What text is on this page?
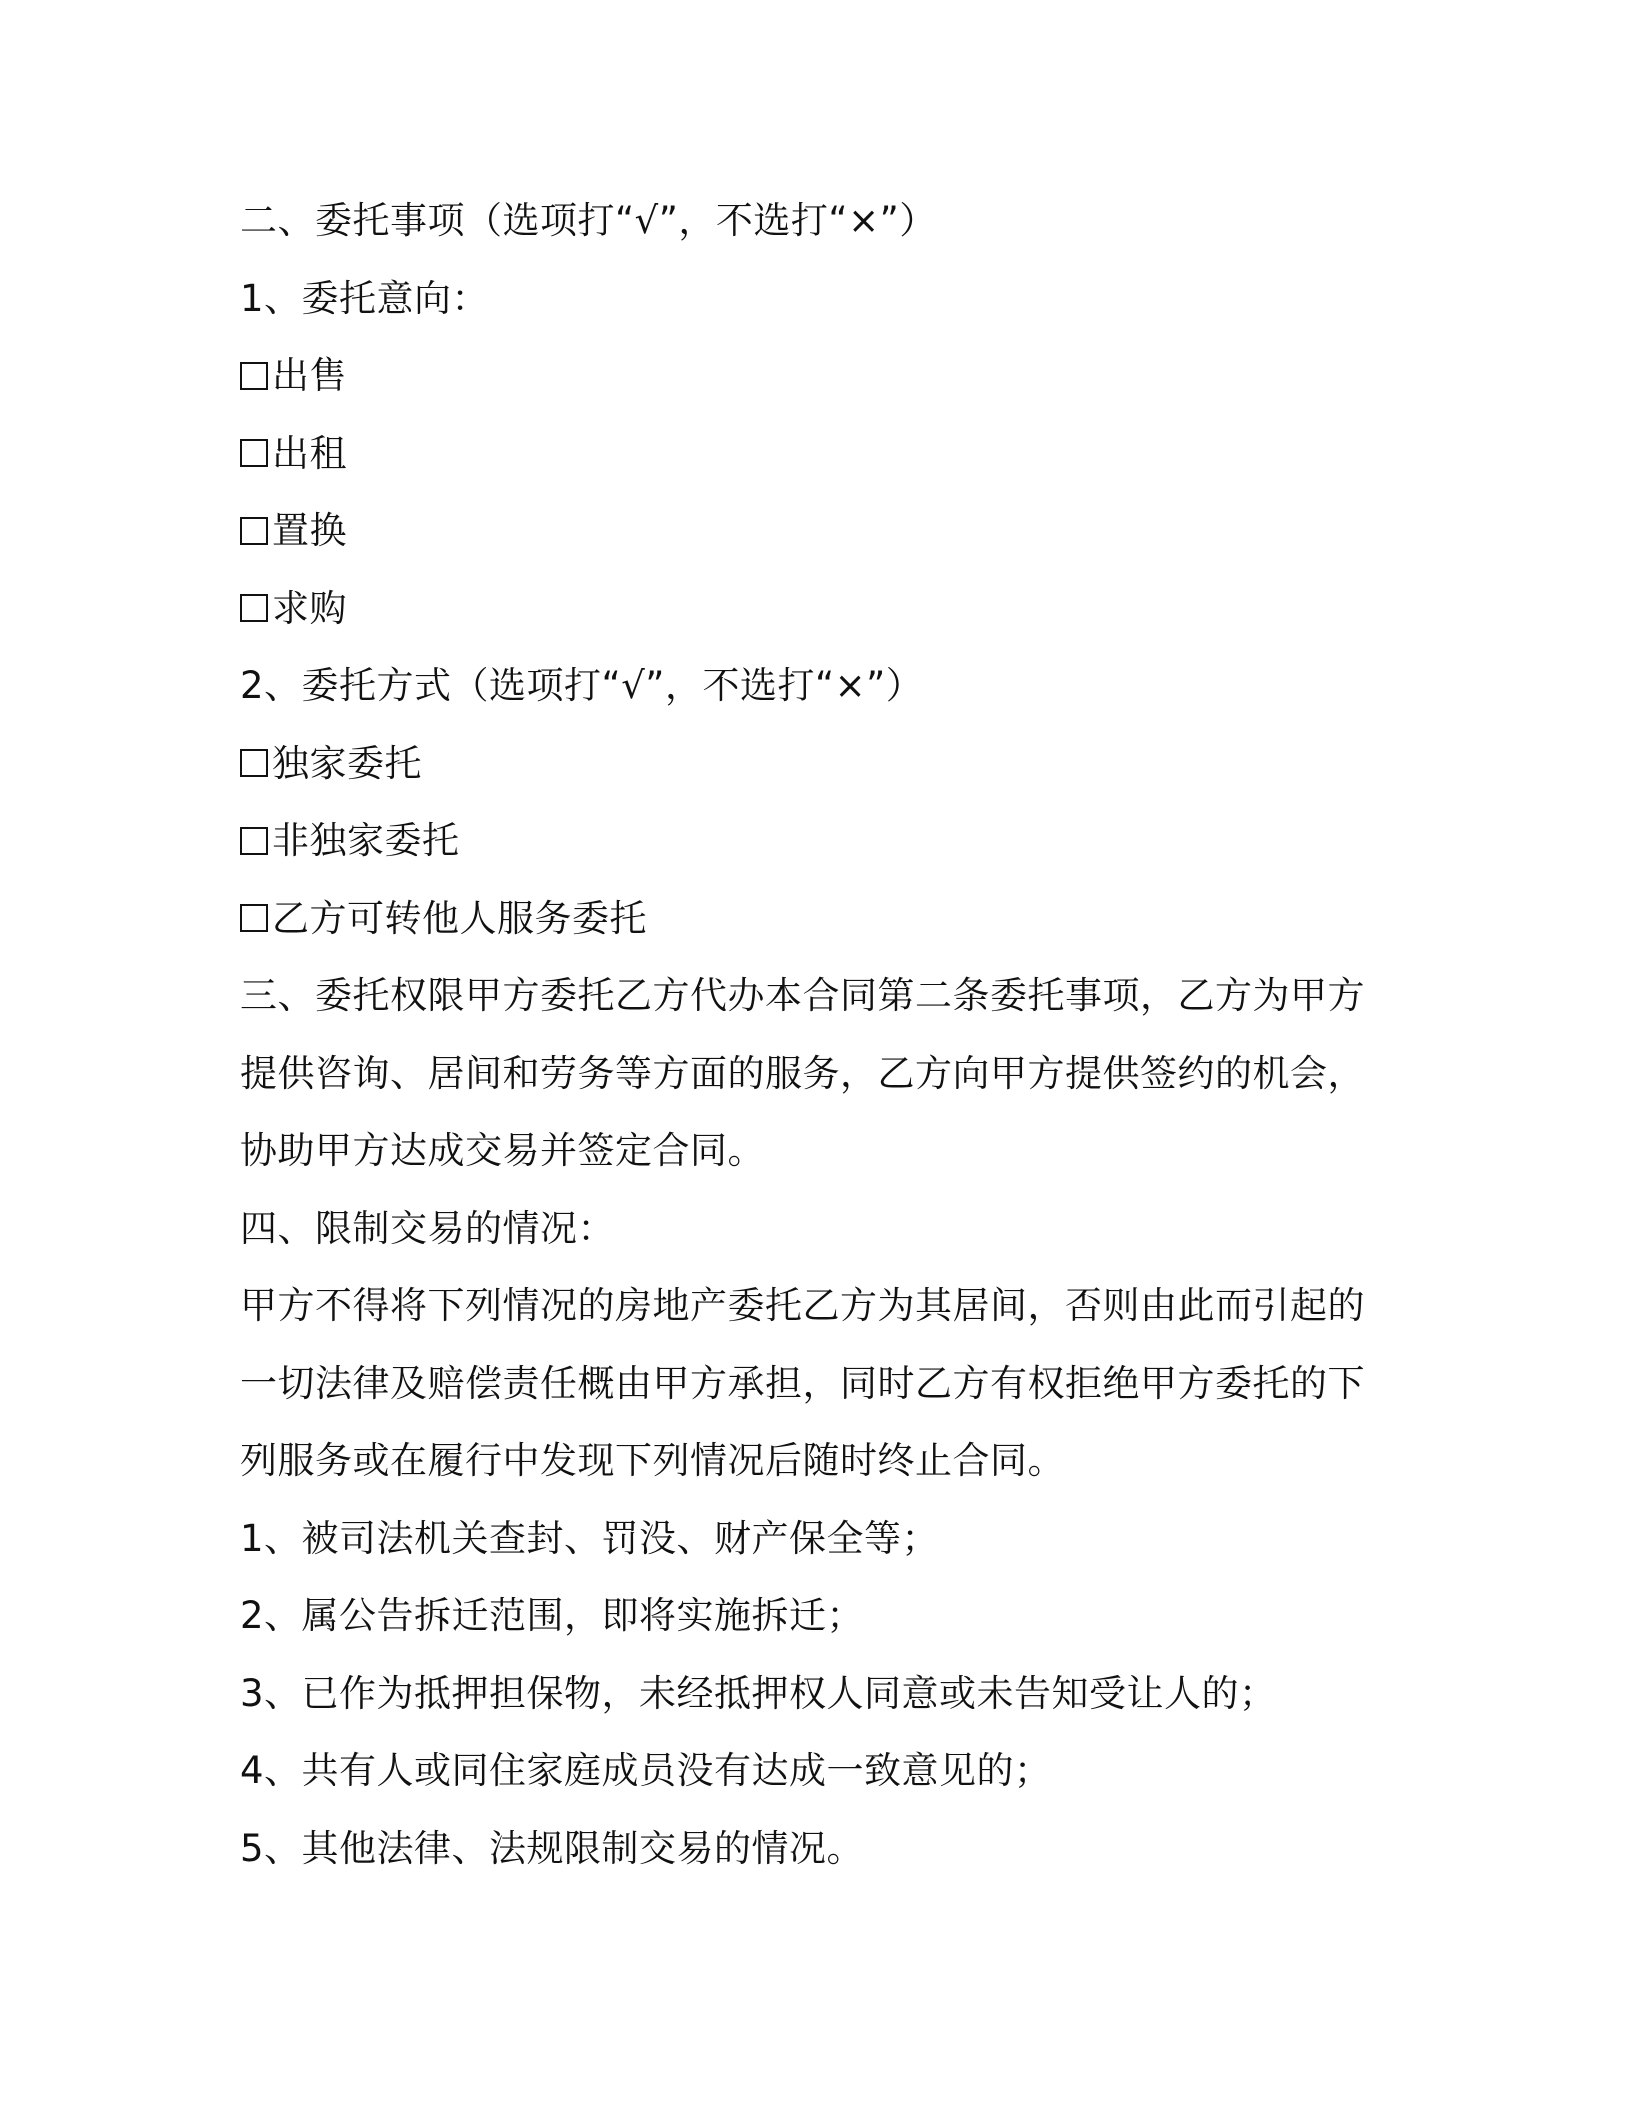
二、委托事项（选项打“√”，不选打“×”）
1、委托意向：
出售
出租
置换
求购
2、委托方式（选项打“√”，不选打“×”）
独家委托
非独家委托
乙方可转他人服务委托
三、委托权限甲方委托乙方代办本合同第二条委托事项，乙方为甲方
提供咨询、居间和劳务等方面的服务，乙方向甲方提供签约的机会，
协助甲方达成交易并签定合同。
四、限制交易的情况：
甲方不得将下列情况的房地产委托乙方为其居间，否则由此而引起的
一切法律及赔偿责任概由甲方承担，同时乙方有权拒绝甲方委托的下
列服务或在履行中发现下列情况后随时终止合同。
1、被司法机关查封、罚没、财产保全等；
2、属公告拆迁范围，即将实施拆迁；
3、已作为抵押担保物，未经抵押权人同意或未告知受让人的；
4、共有人或同住家庭成员没有达成一致意见的；
5、其他法律、法规限制交易的情况。
